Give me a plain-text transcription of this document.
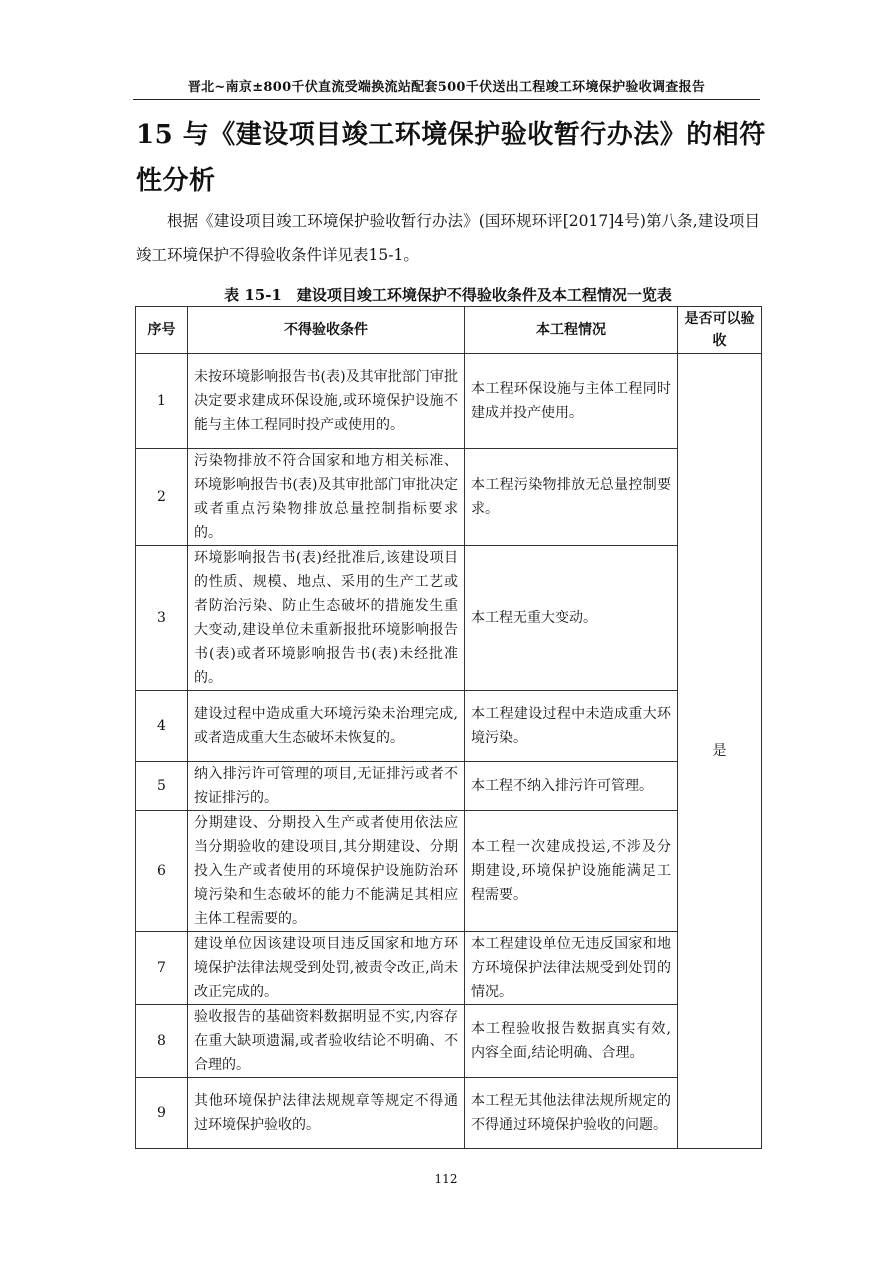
晋北~南京±800千伏直流受端换流站配套500千伏送出工程竣工环境保护验收调查报告
15 与《建设项目竣工环境保护验收暂行办法》的相符性分析
根据《建设项目竣工环境保护验收暂行办法》(国环规环评[2017]4号)第八条,建设项目竣工环境保护不得验收条件详见表15-1。
表 15-1　建设项目竣工环境保护不得验收条件及本工程情况一览表
序号	不得验收条件	本工程情况	是否可以验收
1	未按环境影响报告书(表)及其审批部门审批决定要求建成环保设施,或环境保护设施不能与主体工程同时投产或使用的。	本工程环保设施与主体工程同时建成并投产使用。	是
2	污染物排放不符合国家和地方相关标准、环境影响报告书(表)及其审批部门审批决定或者重点污染物排放总量控制指标要求的。	本工程污染物排放无总量控制要求。	
3	环境影响报告书(表)经批准后,该建设项目的性质、规模、地点、采用的生产工艺或者防治污染、防止生态破坏的措施发生重大变动,建设单位未重新报批环境影响报告书(表)或者环境影响报告书(表)未经批准的。	本工程无重大变动。	
4	建设过程中造成重大环境污染未治理完成,或者造成重大生态破坏未恢复的。	本工程建设过程中未造成重大环境污染。	
5	纳入排污许可管理的项目,无证排污或者不按证排污的。	本工程不纳入排污许可管理。	
6	分期建设、分期投入生产或者使用依法应当分期验收的建设项目,其分期建设、分期投入生产或者使用的环境保护设施防治环境污染和生态破坏的能力不能满足其相应主体工程需要的。	本工程一次建成投运,不涉及分期建设,环境保护设施能满足工程需要。	
7	建设单位因该建设项目违反国家和地方环境保护法律法规受到处罚,被责令改正,尚未改正完成的。	本工程建设单位无违反国家和地方环境保护法律法规受到处罚的情况。	
8	验收报告的基础资料数据明显不实,内容存在重大缺项遗漏,或者验收结论不明确、不合理的。	本工程验收报告数据真实有效,内容全面,结论明确、合理。	
9	其他环境保护法律法规规章等规定不得通过环境保护验收的。	本工程无其他法律法规所规定的不得通过环境保护验收的问题。	
112
